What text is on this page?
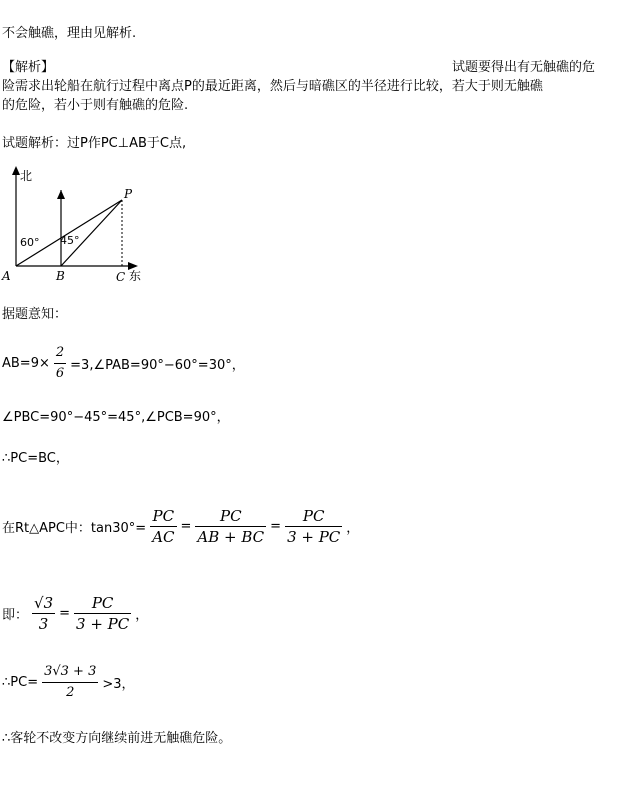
不会触礁，理由见解析.
【解析】	试题要得出有无触礁的危
险需求出轮船在航行过程中离点P的最近距离，然后与暗礁区的半径进行比较，若大于则无触礁
的危险，若小于则有触礁的危险.
试题解析：过P作PC⊥AB于C点,
北
60° 45°
A	B	C 东
P
据题意知：
$AB=9\times \frac{2}{6}$ =3,∠PAB=90°−60°=30°，
∠PBC=90°−45°=45°,∠PCB=90°，
∴PC=BC，
在Rt△APC中：$\tan 30^\circ= \frac{PC}{AC} = \frac{PC}{AB + BC} = \frac{PC}{3 + PC}$ ，
即： $\frac{√3}{3} = \frac{PC}{3 + PC}$ ，
∴PC= $\frac{3√3 + 3}{2} >3$，
∴客轮不改变方向继续前进无触礁危险。
